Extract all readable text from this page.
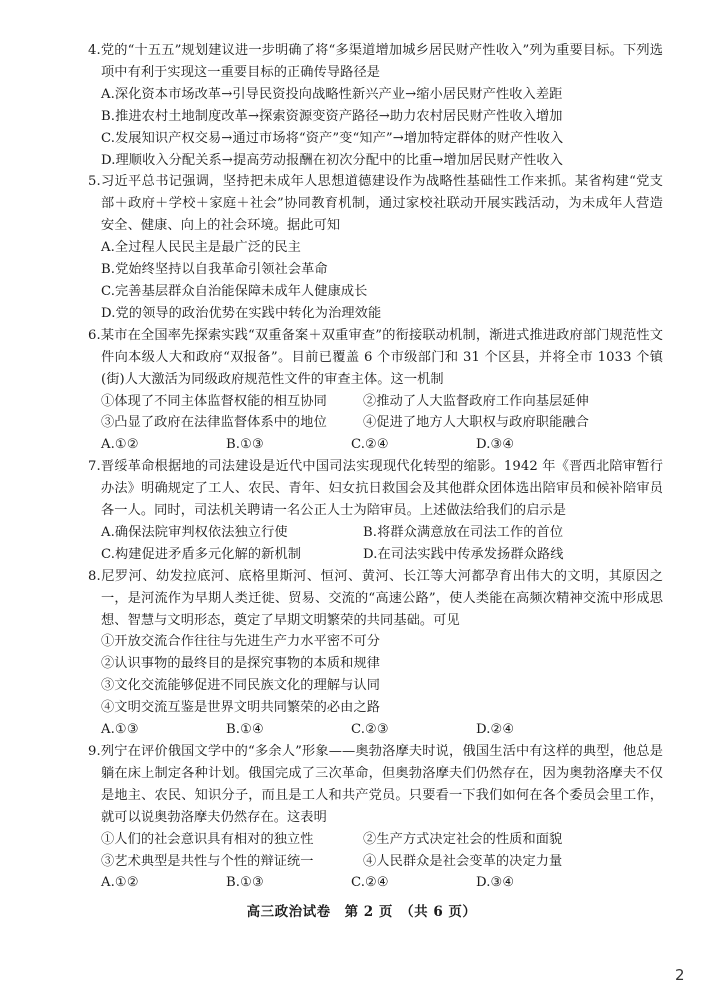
4.党的“十五五”规划建议进一步明确了将“多渠道增加城乡居民财产性收入”列为重要目标。下列选项中有利于实现这一重要目标的正确传导路径是
A.深化资本市场改革→引导民资投向战略性新兴产业→缩小居民财产性收入差距
B.推进农村土地制度改革→探索资源变资产路径→助力农村居民财产性收入增加
C.发展知识产权交易→通过市场将“资产”变“知产”→增加特定群体的财产性收入
D.理顺收入分配关系→提高劳动报酬在初次分配中的比重→增加居民财产性收入
5.习近平总书记强调，坚持把未成年人思想道德建设作为战略性基础性工作来抓。某省构建“党支部＋政府＋学校＋家庭＋社会”协同教育机制，通过家校社联动开展实践活动，为未成年人营造安全、健康、向上的社会环境。据此可知
A.全过程人民民主是最广泛的民主
B.党始终坚持以自我革命引领社会革命
C.完善基层群众自治能保障未成年人健康成长
D.党的领导的政治优势在实践中转化为治理效能
6.某市在全国率先探索实践“双重备案＋双重审查”的衔接联动机制，渐进式推进政府部门规范性文件向本级人大和政府“双报备”。目前已覆盖 6 个市级部门和 31 个区县，并将全市 1033 个镇(街)人大激活为同级政府规范性文件的审查主体。这一机制
①体现了不同主体监督权能的相互协同	②推动了人大监督政府工作向基层延伸
③凸显了政府在法律监督体系中的地位	④促进了地方人大职权与政府职能融合
A.①②	B.①③	C.②④	D.③④
7.晋绥革命根据地的司法建设是近代中国司法实现现代化转型的缩影。1942 年《晋西北陪审暂行办法》明确规定了工人、农民、青年、妇女抗日救国会及其他群众团体选出陪审员和候补陪审员各一人。同时，司法机关聘请一名公正人士为陪审员。上述做法给我们的启示是
A.确保法院审判权依法独立行使	B.将群众满意放在司法工作的首位
C.构建促进矛盾多元化解的新机制	D.在司法实践中传承发扬群众路线
8.尼罗河、幼发拉底河、底格里斯河、恒河、黄河、长江等大河都孕育出伟大的文明，其原因之一，是河流作为早期人类迁徙、贸易、交流的“高速公路”，使人类能在高频次精神交流中形成思想、智慧与文明形态，奠定了早期文明繁荣的共同基础。可见
①开放交流合作往往与先进生产力水平密不可分
②认识事物的最终目的是探究事物的本质和规律
③文化交流能够促进不同民族文化的理解与认同
④文明交流互鉴是世界文明共同繁荣的必由之路
A.①③	B.①④	C.②③	D.②④
9.列宁在评价俄国文学中的“多余人”形象——奥勃洛摩夫时说，俄国生活中有这样的典型，他总是躺在床上制定各种计划。俄国完成了三次革命，但奥勃洛摩夫们仍然存在，因为奥勃洛摩夫不仅是地主、农民、知识分子，而且是工人和共产党员。只要看一下我们如何在各个委员会里工作，就可以说奥勃洛摩夫仍然存在。这表明
①人们的社会意识具有相对的独立性	②生产方式决定社会的性质和面貌
③艺术典型是共性与个性的辩证统一	④人民群众是社会变革的决定力量
A.①②	B.①③	C.②④	D.③④
高三政治试卷　第 2 页　（共 6 页）
2
